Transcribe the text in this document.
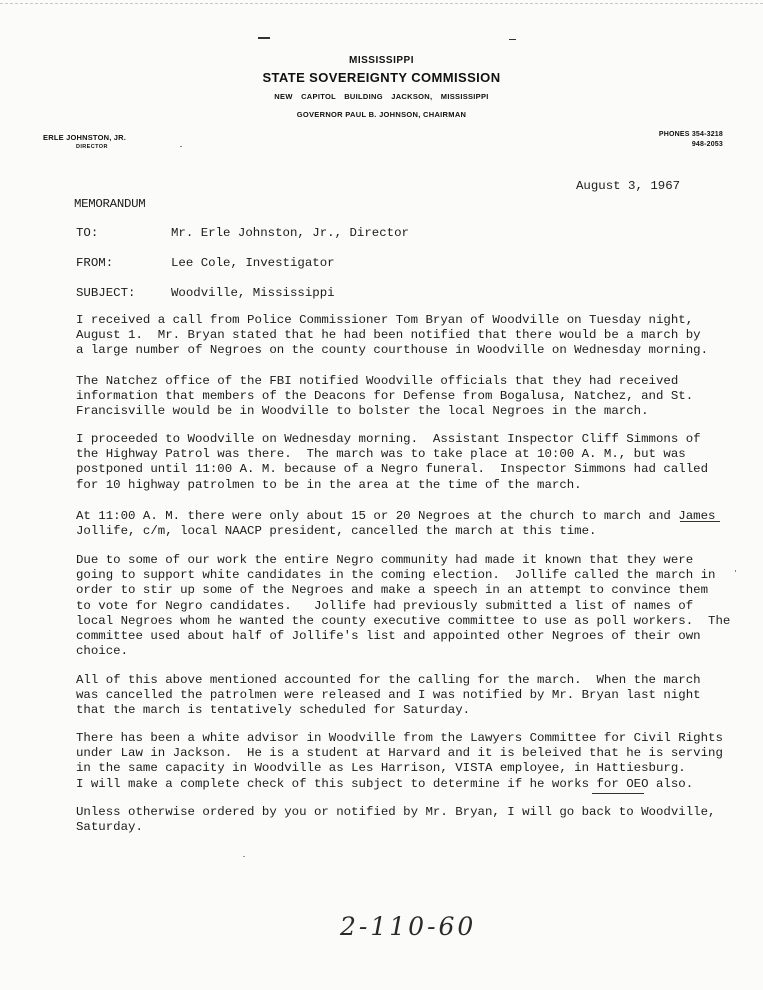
MISSISSIPPI
STATE SOVEREIGNTY COMMISSION
NEW CAPITOL BUILDING JACKSON, MISSISSIPPI
GOVERNOR PAUL B. JOHNSON, CHAIRMAN
ERLE JOHNSTON, JR.
DIRECTOR
PHONES 354-3218
948-2053
August 3, 1967
MEMORANDUM
TO:	Mr. Erle Johnston, Jr., Director
FROM:	Lee Cole, Investigator
SUBJECT:	Woodville, Mississippi
I received a call from Police Commissioner Tom Bryan of Woodville on Tuesday night,
August 1.  Mr. Bryan stated that he had been notified that there would be a march by
a large number of Negroes on the county courthouse in Woodville on Wednesday morning.
The Natchez office of the FBI notified Woodville officials that they had received
information that members of the Deacons for Defense from Bogalusa, Natchez, and St.
Francisville would be in Woodville to bolster the local Negroes in the march.
I proceeded to Woodville on Wednesday morning.  Assistant Inspector Cliff Simmons of
the Highway Patrol was there.  The march was to take place at 10:00 A. M., but was
postponed until 11:00 A. M. because of a Negro funeral.  Inspector Simmons had called
for 10 highway patrolmen to be in the area at the time of the march.
At 11:00 A. M. there were only about 15 or 20 Negroes at the church to march and James
Jollife, c/m, local NAACP president, cancelled the march at this time.
Due to some of our work the entire Negro community had made it known that they were
going to support white candidates in the coming election.  Jollife called the march in
order to stir up some of the Negroes and make a speech in an attempt to convince them
to vote for Negro candidates.   Jollife had previously submitted a list of names of
local Negroes whom he wanted the county executive committee to use as poll workers.  The
committee used about half of Jollife's list and appointed other Negroes of their own
choice.
All of this above mentioned accounted for the calling for the march.  When the march
was cancelled the patrolmen were released and I was notified by Mr. Bryan last night
that the march is tentatively scheduled for Saturday.
There has been a white advisor in Woodville from the Lawyers Committee for Civil Rights
under Law in Jackson.  He is a student at Harvard and it is beleived that he is serving
in the same capacity in Woodville as Les Harrison, VISTA employee, in Hattiesburg.
I will make a complete check of this subject to determine if he works for OEO also.
Unless otherwise ordered by you or notified by Mr. Bryan, I will go back to Woodville,
Saturday.
2-110-60
